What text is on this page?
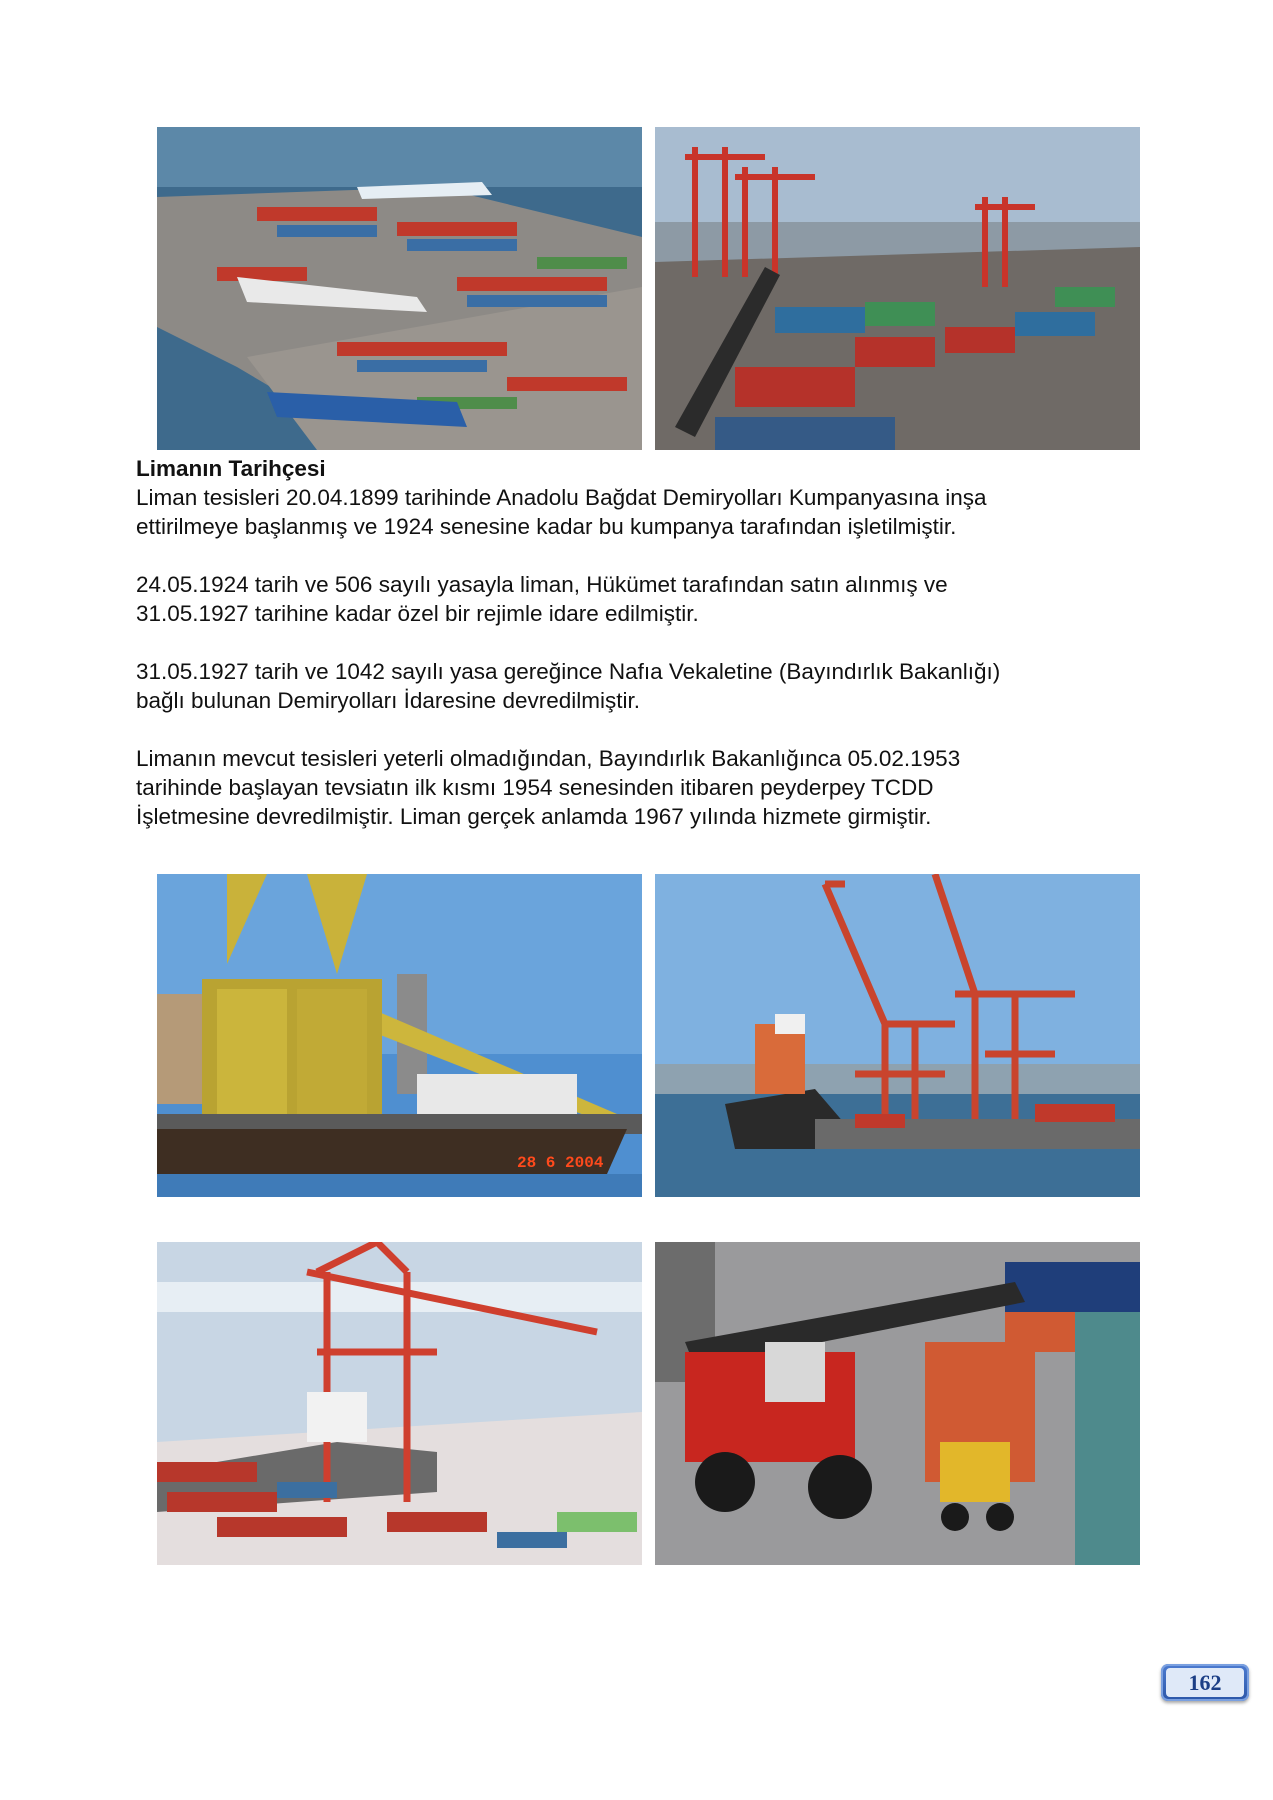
28 6 2004

Limanın Tarihçesi

Liman tesisleri 20.04.1899 tarihinde Anadolu Bağdat Demiryolları Kumpanyasına inşa
ettirilmeye başlanmış ve 1924 senesine kadar bu kumpanya tarafından işletilmiştir.

24.05.1924 tarih ve 506 sayılı yasayla liman, Hükümet tarafından satın alınmış ve
31.05.1927 tarihine kadar özel bir rejimle idare edilmiştir.

31.05.1927 tarih ve 1042 sayılı yasa gereğince Nafıa Vekaletine (Bayındırlık Bakanlığı)
bağlı bulunan Demiryolları İdaresine devredilmiştir.

Limanın mevcut tesisleri yeterli olmadığından, Bayındırlık Bakanlığınca 05.02.1953
tarihinde başlayan tevsiatın ilk kısmı 1954 senesinden itibaren peyderpey TCDD
İşletmesine devredilmiştir. Liman gerçek anlamda 1967 yılında hizmete girmiştir.

162
